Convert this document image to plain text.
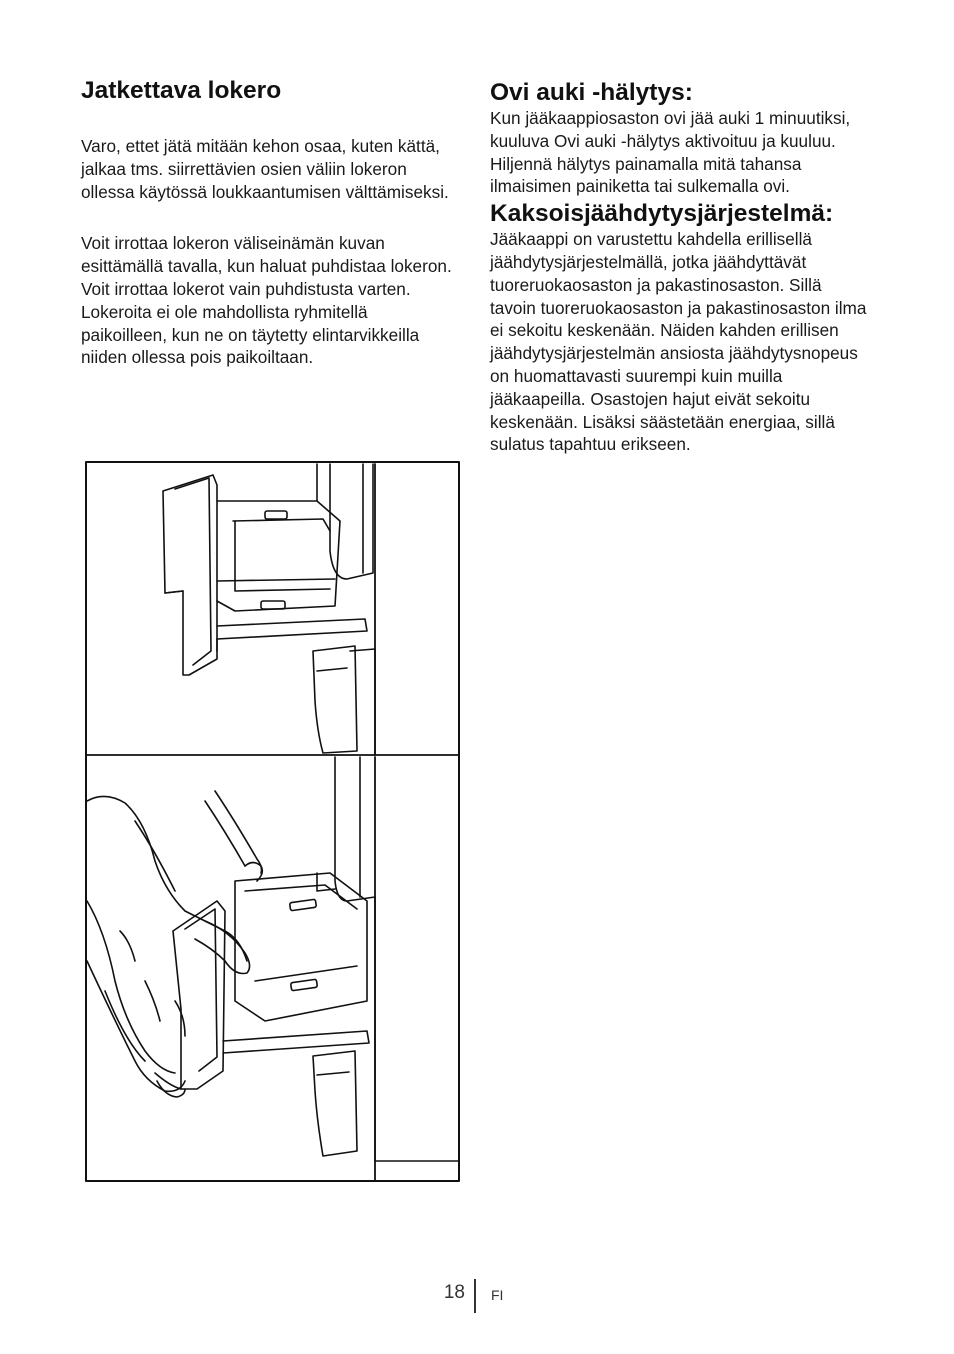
Jatkettava lokero

Varo, ettet jätä mitään kehon osaa, kuten kättä, jalkaa tms. siirrettävien osien väliin lokeron ollessa käytössä loukkaantumisen välttämiseksi.

Voit irrottaa lokeron väliseinämän kuvan esittämällä tavalla, kun haluat puhdistaa lokeron.

Voit irrottaa lokerot vain puhdistusta varten. Lokeroita ei ole mahdollista ryhmitellä paikoilleen, kun ne on täytetty elintarvikkeilla niiden ollessa pois paikoiltaan.

Ovi auki -hälytys:

Kun jääkaappiosaston ovi jää auki 1 minuutiksi, kuuluva Ovi auki -hälytys aktivoituu ja kuuluu. Hiljennä hälytys painamalla mitä tahansa ilmaisimen painiketta tai sulkemalla ovi.

Kaksoisjäähdytysjärjestelmä:

Jääkaappi on varustettu kahdella erillisellä jäähdytysjärjestelmällä, jotka jäähdyttävät tuoreruokaosaston ja pakastinosaston. Sillä tavoin tuoreruokaosaston ja pakastinosaston ilma ei sekoitu keskenään. Näiden kahden erillisen jäähdytysjärjestelmän ansiosta jäähdytysnopeus on huomattavasti suurempi kuin muilla jääkaapeilla. Osastojen hajut eivät sekoitu keskenään. Lisäksi säästetään energiaa, sillä sulatus tapahtuu erikseen.

18 FI
